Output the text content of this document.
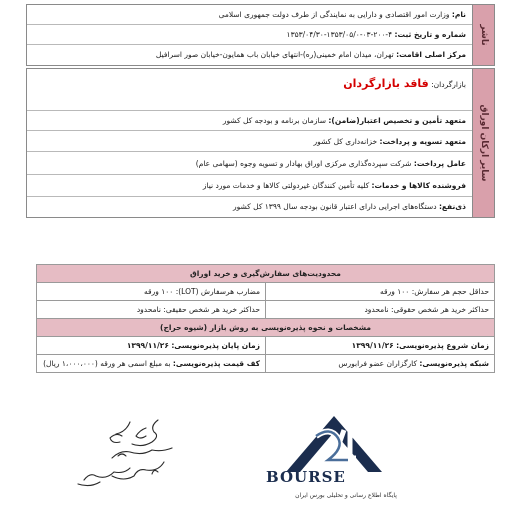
ناشر
نام: وزارت امور اقتصادی و دارایی به نمایندگی از طرف دولت جمهوری اسلامی
شماره و تاریخ ثبت: ۴-۲۰۰-۰۳-۱۳۵۳/۰۵/۰-۱۳۵۳/۰۴/۳۰
مرکز اصلی اقامت: تهران، میدان امام خمینی(ره)-انتهای خیابان باب همایون-خیابان صور اسرافیل
سایر ارکان اوراق
بازارگردان: فاقد بازارگردان
متعهد تأمین و تخصیص اعتبار(ضامن): سازمان برنامه و بودجه کل کشور
متعهد تسویه و پرداخت: خزانه‌داری کل کشور
عامل پرداخت: شرکت سپرده‌گذاری مرکزی اوراق بهادار و تسویه وجوه (سهامی عام)
فروشنده کالاها و خدمات: کلیه تأمین کنندگان غیردولتی کالاها و خدمات مورد نیاز
ذی‌نفع: دستگاه‌های اجرایی دارای اعتبار قانون بودجه سال ۱۳۹۹ کل کشور
محدودیت‌های سفارش‌گیری و خرید اوراق	
حداقل حجم هر سفارش: ۱۰۰ ورقه	مضارب هرسفارش (LOT): ۱۰۰ ورقه
حداکثر خرید هر شخص حقوقی: نامحدود	حداکثر خرید هر شخص حقیقی: نامحدود
مشخصات و نحوه پذیره‌نویسی به روش بازار (شیوه حراج)	
زمان شروع پذیره‌نویسی: ۱۳۹۹/۱۱/۲۶	زمان پایان پذیره‌نویسی: ۱۳۹۹/۱۱/۲۶
شبکه پذیره‌نویسی: کارگزاران عضو فرابورس	کف قیمت پذیره‌نویسی: به مبلغ اسمی هر ورقه (۱،۰۰۰،۰۰۰ ریال)
BOURSE
پایگاه اطلاع رسانی و تحلیلی بورس ایران
